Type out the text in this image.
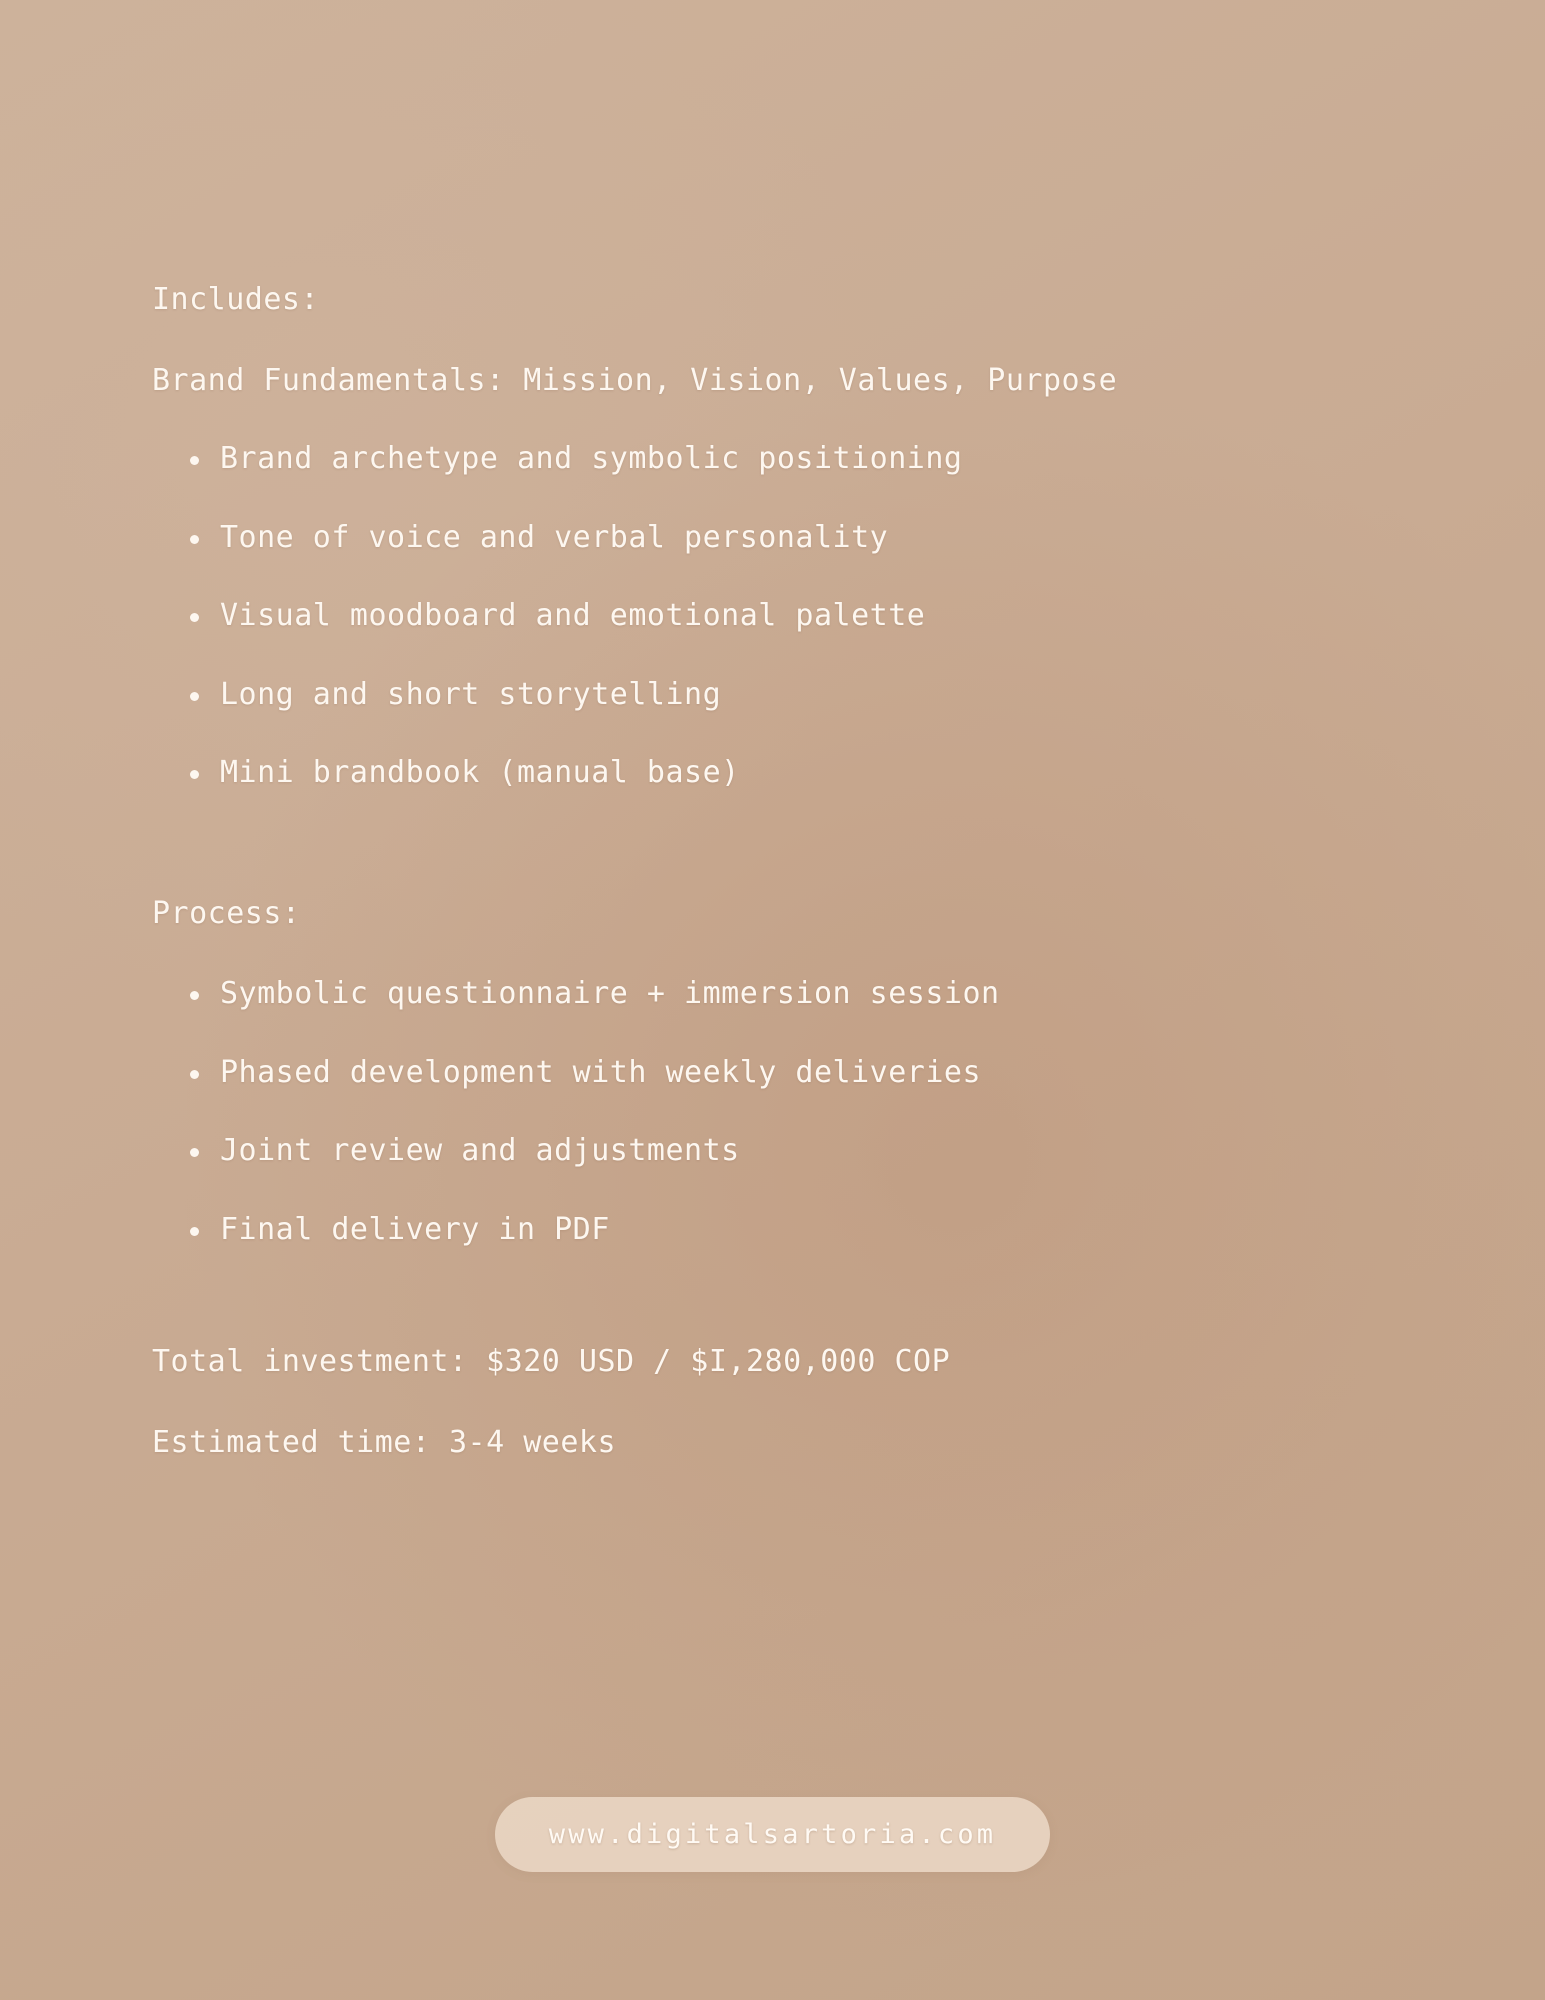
Includes:

Brand Fundamentals: Mission, Vision, Values, Purpose

Brand archetype and symbolic positioning
Tone of voice and verbal personality
Visual moodboard and emotional palette
Long and short storytelling
Mini brandbook (manual base)

Process:

Symbolic questionnaire + immersion session
Phased development with weekly deliveries
Joint review and adjustments
Final delivery in PDF

Total investment: $320 USD / $I,280,000 COP

Estimated time: 3-4 weeks

www.digitalsartoria.com
